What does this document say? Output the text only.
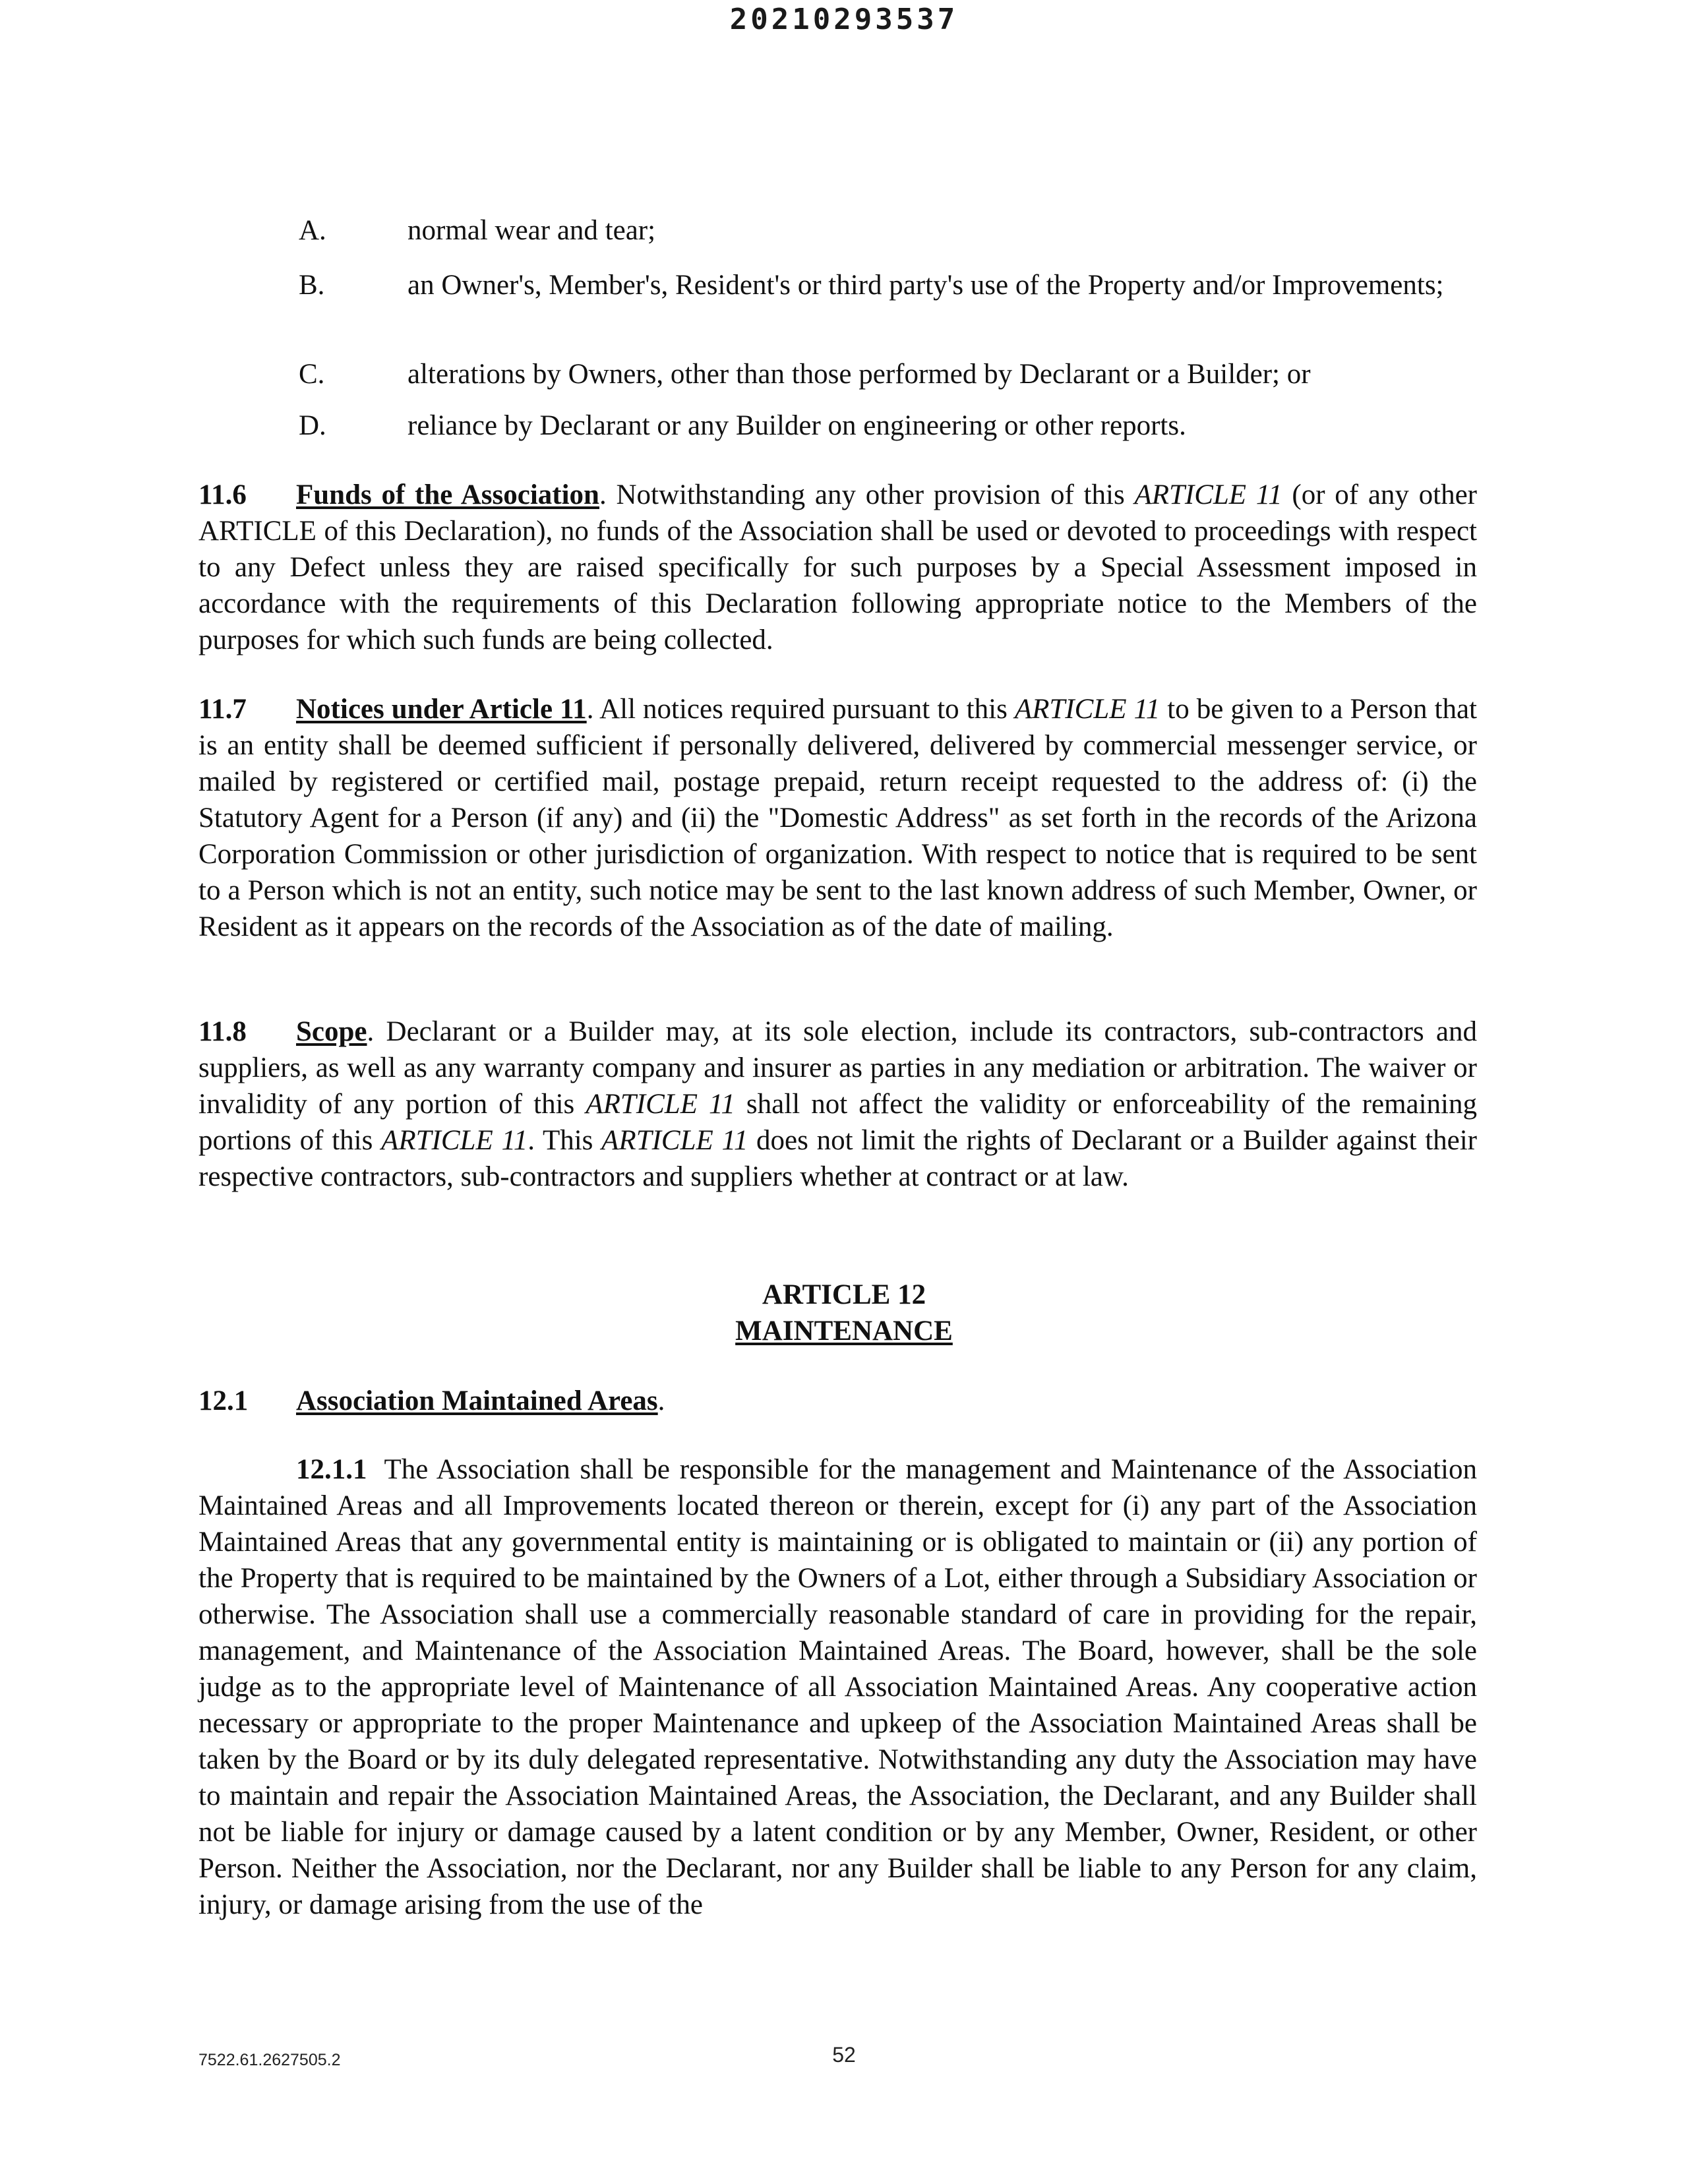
20210293537
A.	normal wear and tear;
B.	an Owner's, Member's, Resident's or third party's use of the Property and/or Improvements;
C.	alterations by Owners, other than those performed by Declarant or a Builder; or
D.	reliance by Declarant or any Builder on engineering or other reports.
11.6 Funds of the Association. Notwithstanding any other provision of this ARTICLE 11 (or of any other ARTICLE of this Declaration), no funds of the Association shall be used or devoted to proceedings with respect to any Defect unless they are raised specifically for such purposes by a Special Assessment imposed in accordance with the requirements of this Declaration following appropriate notice to the Members of the purposes for which such funds are being collected.
11.7 Notices under Article 11. All notices required pursuant to this ARTICLE 11 to be given to a Person that is an entity shall be deemed sufficient if personally delivered, delivered by commercial messenger service, or mailed by registered or certified mail, postage prepaid, return receipt requested to the address of: (i) the Statutory Agent for a Person (if any) and (ii) the "Domestic Address" as set forth in the records of the Arizona Corporation Commission or other jurisdiction of organization. With respect to notice that is required to be sent to a Person which is not an entity, such notice may be sent to the last known address of such Member, Owner, or Resident as it appears on the records of the Association as of the date of mailing.
11.8 Scope. Declarant or a Builder may, at its sole election, include its contractors, sub-contractors and suppliers, as well as any warranty company and insurer as parties in any mediation or arbitration. The waiver or invalidity of any portion of this ARTICLE 11 shall not affect the validity or enforceability of the remaining portions of this ARTICLE 11. This ARTICLE 11 does not limit the rights of Declarant or a Builder against their respective contractors, sub-contractors and suppliers whether at contract or at law.
ARTICLE 12
MAINTENANCE
12.1 Association Maintained Areas.
12.1.1 The Association shall be responsible for the management and Maintenance of the Association Maintained Areas and all Improvements located thereon or therein, except for (i) any part of the Association Maintained Areas that any governmental entity is maintaining or is obligated to maintain or (ii) any portion of the Property that is required to be maintained by the Owners of a Lot, either through a Subsidiary Association or otherwise. The Association shall use a commercially reasonable standard of care in providing for the repair, management, and Maintenance of the Association Maintained Areas. The Board, however, shall be the sole judge as to the appropriate level of Maintenance of all Association Maintained Areas. Any cooperative action necessary or appropriate to the proper Maintenance and upkeep of the Association Maintained Areas shall be taken by the Board or by its duly delegated representative. Notwithstanding any duty the Association may have to maintain and repair the Association Maintained Areas, the Association, the Declarant, and any Builder shall not be liable for injury or damage caused by a latent condition or by any Member, Owner, Resident, or other Person. Neither the Association, nor the Declarant, nor any Builder shall be liable to any Person for any claim, injury, or damage arising from the use of the
7522.61.2627505.2	52
